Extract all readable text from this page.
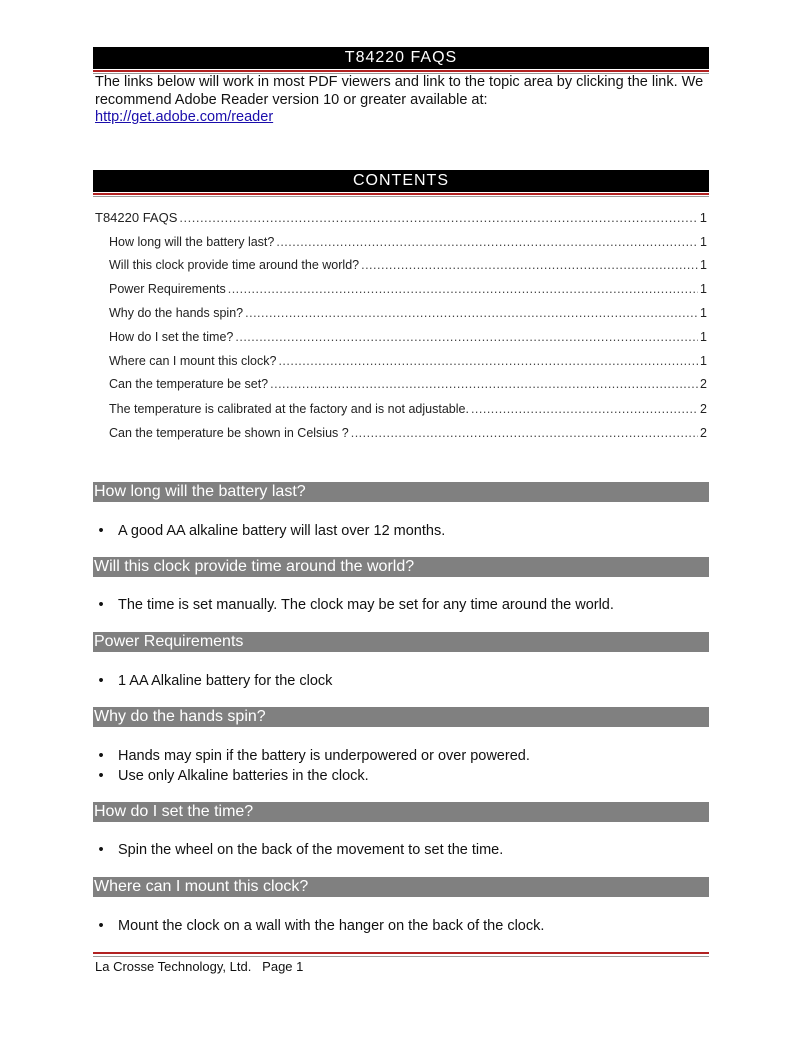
T84220 FAQS
The links below will work in most PDF viewers and link to the topic area by clicking the link. We recommend Adobe Reader version 10 or greater available at:
http://get.adobe.com/reader
CONTENTS
T84220 FAQS .....	1
How long will the battery last? .....	1
Will this clock provide time around the world? .....	1
Power Requirements .....	1
Why do the hands spin? .....	1
How do I set the time? .....	1
Where can I mount this clock? .....	1
Can the temperature be set? .....	2
The temperature is calibrated at the factory and is not adjustable. .....	2
Can the temperature be shown in Celsius ? .....	2
How long will the battery last?
• A good AA alkaline battery will last over 12 months.
Will this clock provide time around the world?
• The time is set manually. The clock may be set for any time around the world.
Power Requirements
• 1 AA Alkaline battery for the clock
Why do the hands spin?
• Hands may spin if the battery is underpowered or over powered.
• Use only Alkaline batteries in the clock.
How do I set the time?
• Spin the wheel on the back of the movement to set the time.
Where can I mount this clock?
• Mount the clock on a wall with the hanger on the back of the clock.
La Crosse Technology, Ltd.   Page 1
